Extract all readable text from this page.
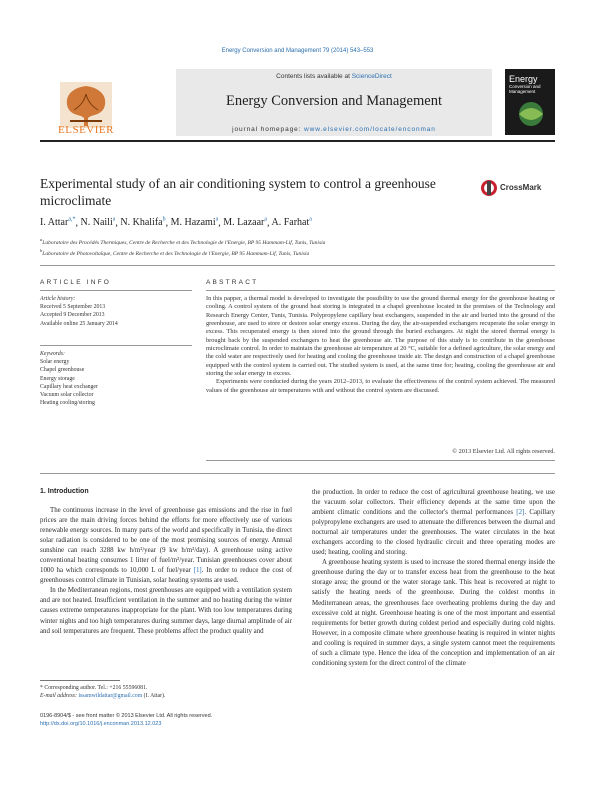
Energy Conversion and Management 79 (2014) 543–553
Contents lists available at ScienceDirect
Energy Conversion and Management
journal homepage: www.elsevier.com/locate/enconman
ELSEVIER
Energy
Conversion and Management
Experimental study of an air conditioning system to control a greenhouse microclimate
CrossMark
I. Attar$^{a,*}$, N. Naili$^a$, N. Khalifa$^b$, M. Hazami$^a$, M. Lazaar$^a$, A. Farhat$^a$
$^a$Laboratoire des Procédés Thermiques, Centre de Recherche et des Technologie de l'Energie, BP 95 Hammam-Lif, Tunis, Tunisia
$^b$Laboratoire de Photovoltaïque, Centre de Recherche et des Technologie de l'Energie, BP 95 Hammam-Lif, Tunis, Tunisia
ARTICLE INFO
Article history:
Received 5 September 2013
Accepted 9 December 2013
Available online 25 January 2014
Keywords:
Solar energy
Chapel greenhouse
Energy storage
Capillary heat exchanger
Vacuum solar collector
Heating cooling/storing
ABSTRACT
In this papper, a thermal model is developed to investigate the possibility to use the ground thermal energy for the greenhouse heating or cooling. A control system of the ground heat storing is integrated in a chapel greenhouse located in the premises of the Technology and Research Energy Center, Tunis, Tunisia. Polypropylene capillary heat exchangers, suspended in the air and buried into the ground of the greenhouse, are used to store or destore solar energy excess. During the day, the air-suspended exchangers recuperate the solar energy in excess. This recuperated energy is then stored into the ground through the buried exchangers. At night the stored thermal energy is brought back by the suspended exchangers to heat the greenhouse air. The purpose of this study is to contribute in the greenhouse microclimate control. In order to maintain the greenhouse air temperature at 20 °C, suitable for a defined agriculture, the solar energy and the cold water are respectively used for heating and cooling the greenhouse inside air. The design and construction of a chapel greenhouse equipped with the control system is carried out. The studied system is used, at the same time for; heating, cooling the greenhouse air and storing the solar energy in excess.

Experiments were conducted during the years 2012–2013, to evaluate the effectiveness of the control system achieved. The measured values of the greenhouse air temperatures with and without the control system are discussed.

© 2013 Elsevier Ltd. All rights reserved.
1. Introduction

The continuous increase in the level of greenhouse gas emissions and the rise in fuel prices are the main driving forces behind the efforts for more effectively use of various renewable energy sources. In many parts of the world and specifically in Tunisia, the direct solar radiation is considered to be one of the most promising sources of energy. Annual sunshine can reach 3288 kw h/m²/year (9 kw h/m²/day). A greenhouse using active conventional heating consumes 1 litter of fuel/m²/year. Tunisian greenhouses cover about 1000 ha which corresponds to 10,000 L of fuel/year [1]. In order to reduce the cost of greenhouses control climate in Tunisian, solar heating systems are used.

In the Mediterranean regions, most greenhouses are equipped with a ventilation system and are not heated. Insufficient ventilation in the summer and no heating during the winter causes extreme temperatures inappropriate for the plant. With too low temperatures during winter nights and too high temperatures during summer days, large diurnal amplitude of air and soil temperatures are frequent. These problems affect the product quality and

the production. In order to reduce the cost of agricultural greenhouse heating, we use the vacuum solar collectors. Their efficiency depends at the same time upon the ambient climatic conditions and the collector's thermal performances [2]. Capillary polypropylene exchangers are used to attenuate the differences between the diurnal and nocturnal air temperatures under the greenhouses. The water circulates in the heat exchangers according to the closed hydraulic circuit and three operating modes are used; heating, cooling and storing.

A greenhouse heating system is used to increase the stored thermal energy inside the greenhouse during the day or to transfer excess heat from the greenhouse to the heat storage area; the ground or the water storage tank. This heat is recovered at night to satisfy the heating needs of the greenhouse. During the coldest months in Mediterranean areas, the greenhouses face overheating problems during the day and excessive cold at night. Greenhouse heating is one of the most important and essential requirements for better growth during coldest period and especially during cold nights. However, in a composite climate where greenhouse heating is required in winter nights and cooling is required in summer days, a single system cannot meet the requirements of such a climate type. Hence the idea of the conception and implementation of an air conditioning system for the direct control of the climate

* Corresponding author. Tel.: +216 55596081.
E-mail address: issamwildattar@gmail.com (I. Attar).
0196-8904/$ - see front matter © 2013 Elsevier Ltd. All rights reserved.
http://dx.doi.org/10.1016/j.enconman.2013.12.023
